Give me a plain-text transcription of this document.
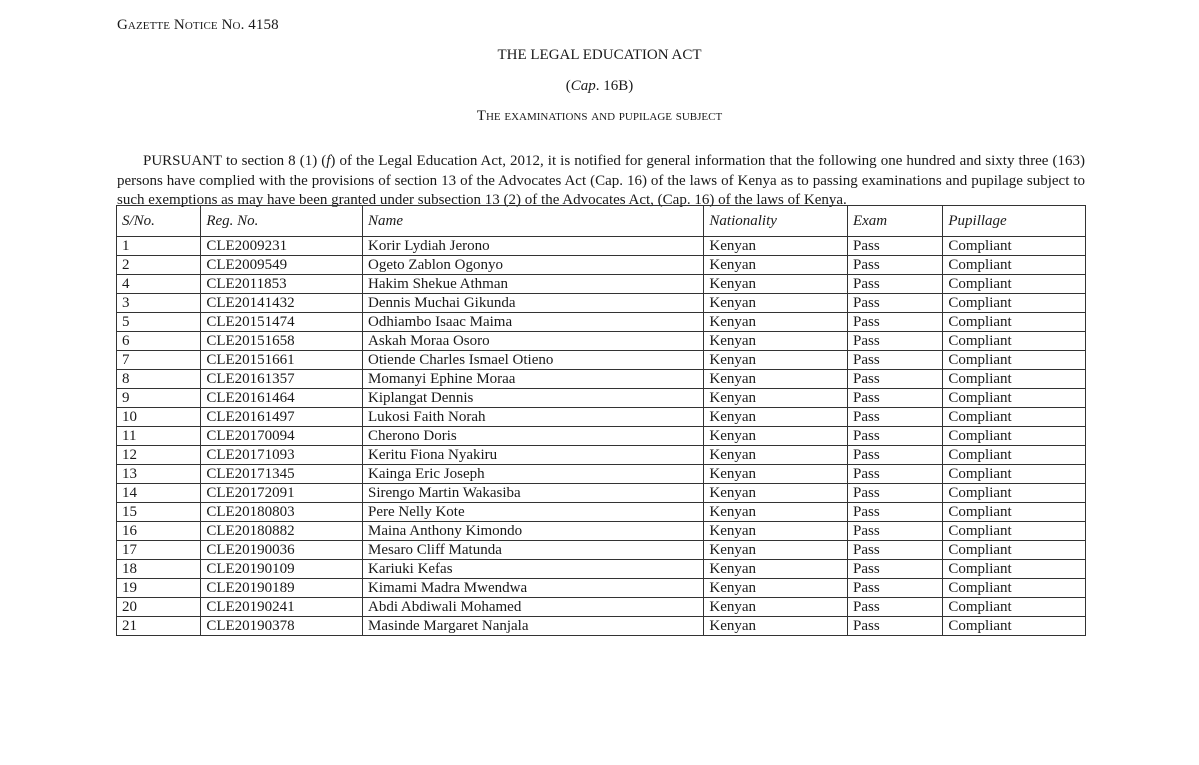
Gazette Notice No. 4158
THE LEGAL EDUCATION ACT
(Cap. 16B)
The examinations and pupilage subject

PURSUANT to section 8 (1) (f) of the Legal Education Act, 2012, it is notified for general information that the following one hundred and sixty three (163) persons have complied with the provisions of section 13 of the Advocates Act (Cap. 16) of the laws of Kenya as to passing examinations and pupilage subject to such exemptions as may have been granted under subsection 13 (2) of the Advocates Act, (Cap. 16) of the laws of Kenya.

S/No.	Reg. No.	Name	Nationality	Exam	Pupillage
1	CLE2009231	Korir Lydiah Jerono	Kenyan	Pass	Compliant
2	CLE2009549	Ogeto Zablon Ogonyo	Kenyan	Pass	Compliant
4	CLE2011853	Hakim Shekue Athman	Kenyan	Pass	Compliant
3	CLE20141432	Dennis Muchai Gikunda	Kenyan	Pass	Compliant
5	CLE20151474	Odhiambo Isaac Maima	Kenyan	Pass	Compliant
6	CLE20151658	Askah Moraa Osoro	Kenyan	Pass	Compliant
7	CLE20151661	Otiende Charles Ismael Otieno	Kenyan	Pass	Compliant
8	CLE20161357	Momanyi Ephine Moraa	Kenyan	Pass	Compliant
9	CLE20161464	Kiplangat Dennis	Kenyan	Pass	Compliant
10	CLE20161497	Lukosi Faith Norah	Kenyan	Pass	Compliant
11	CLE20170094	Cherono Doris	Kenyan	Pass	Compliant
12	CLE20171093	Keritu Fiona Nyakiru	Kenyan	Pass	Compliant
13	CLE20171345	Kainga Eric Joseph	Kenyan	Pass	Compliant
14	CLE20172091	Sirengo Martin Wakasiba	Kenyan	Pass	Compliant
15	CLE20180803	Pere Nelly Kote	Kenyan	Pass	Compliant
16	CLE20180882	Maina Anthony Kimondo	Kenyan	Pass	Compliant
17	CLE20190036	Mesaro Cliff Matunda	Kenyan	Pass	Compliant
18	CLE20190109	Kariuki Kefas	Kenyan	Pass	Compliant
19	CLE20190189	Kimami Madra Mwendwa	Kenyan	Pass	Compliant
20	CLE20190241	Abdi Abdiwali Mohamed	Kenyan	Pass	Compliant
21	CLE20190378	Masinde Margaret Nanjala	Kenyan	Pass	Compliant
